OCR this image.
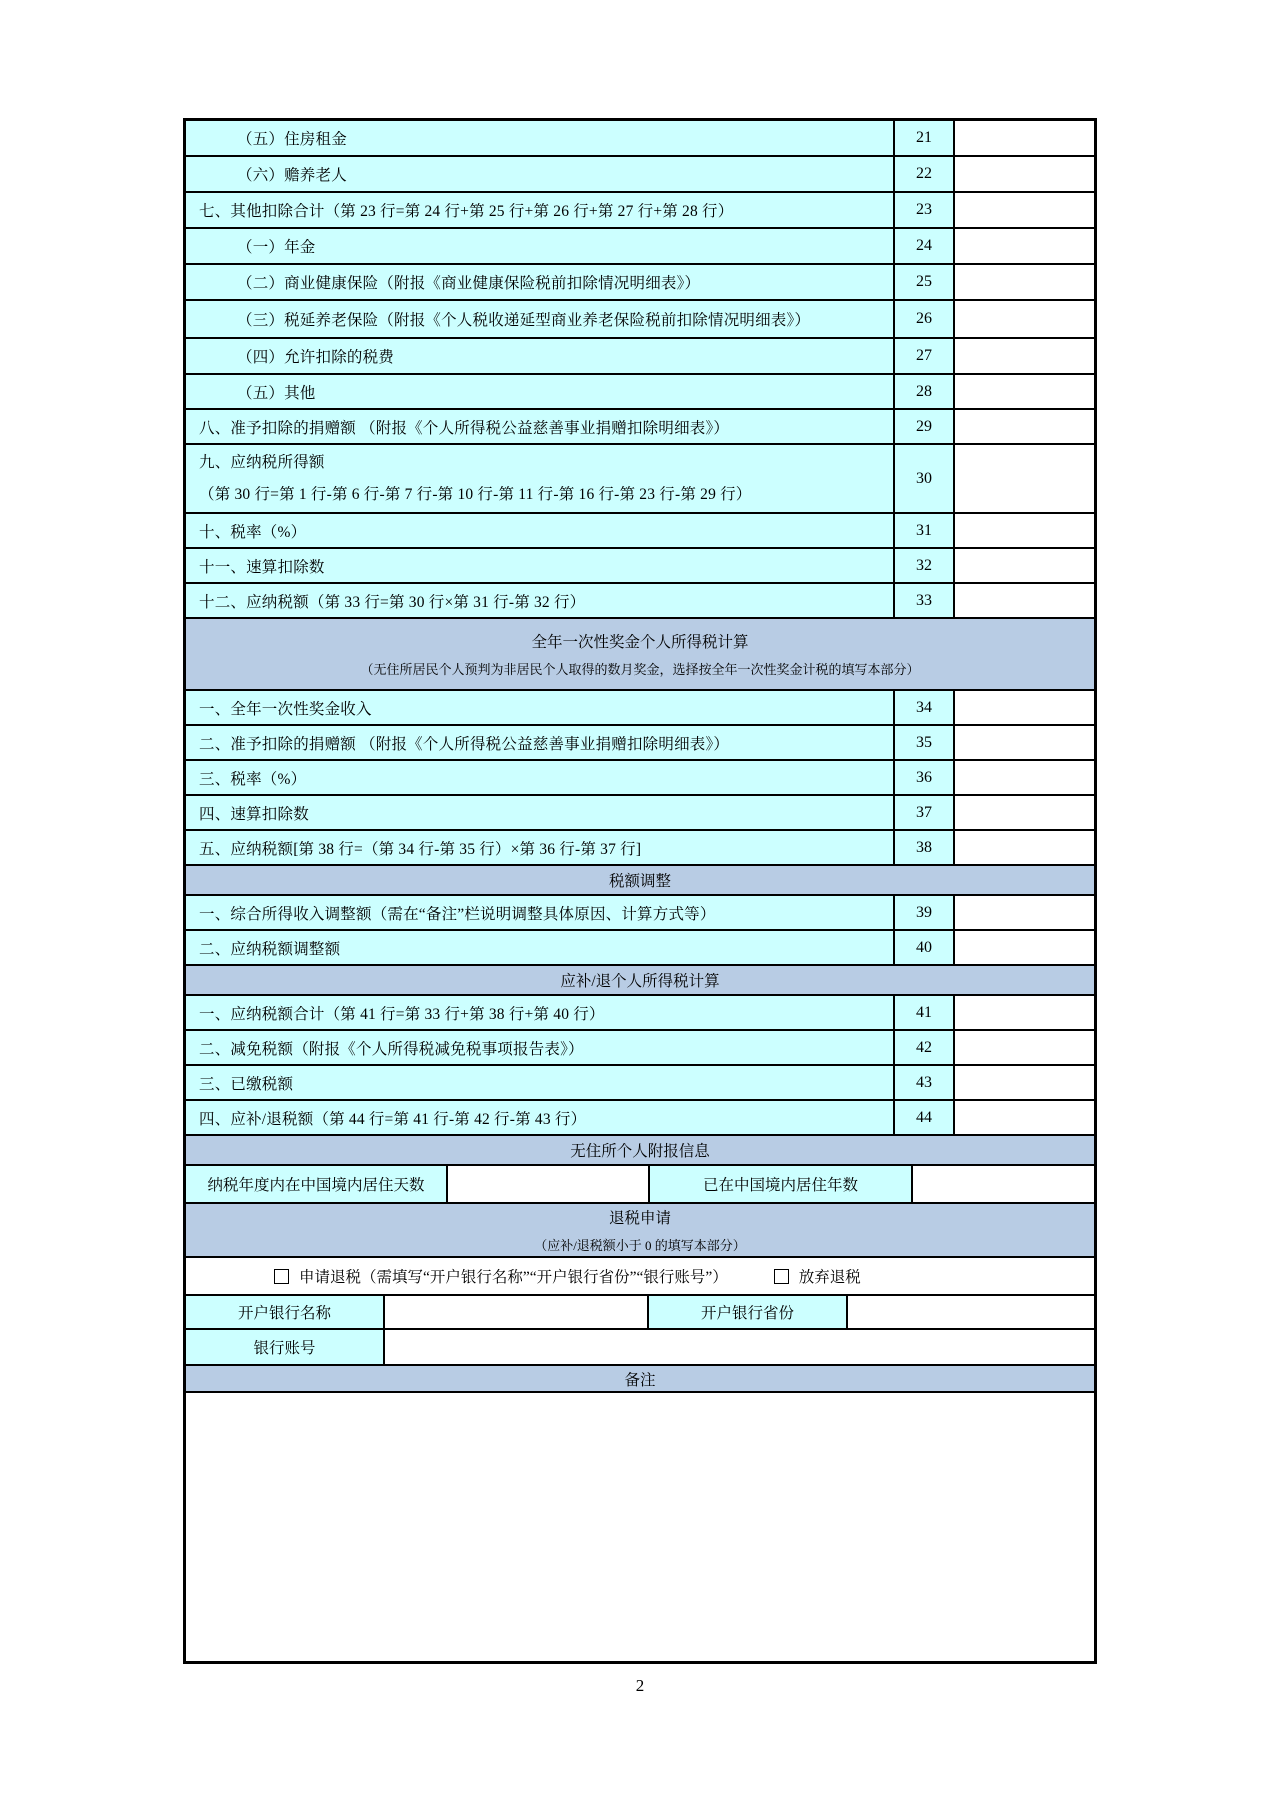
（五）住房租金	21
（六）赡养老人	22
七、其他扣除合计（第 23 行=第 24 行+第 25 行+第 26 行+第 27 行+第 28 行）	23
（一）年金	24
（二）商业健康保险（附报《商业健康保险税前扣除情况明细表》）	25
（三）税延养老保险（附报《个人税收递延型商业养老保险税前扣除情况明细表》）	26
（四）允许扣除的税费	27
（五）其他	28
八、准予扣除的捐赠额 （附报《个人所得税公益慈善事业捐赠扣除明细表》）	29
九、应纳税所得额
（第 30 行=第 1 行-第 6 行-第 7 行-第 10 行-第 11 行-第 16 行-第 23 行-第 29 行）
30
十、税率（%）	31
十一、速算扣除数	32
十二、应纳税额（第 33 行=第 30 行×第 31 行-第 32 行）	33
全年一次性奖金个人所得税计算
（无住所居民个人预判为非居民个人取得的数月奖金，选择按全年一次性奖金计税的填写本部分）
一、全年一次性奖金收入	34
二、准予扣除的捐赠额 （附报《个人所得税公益慈善事业捐赠扣除明细表》）	35
三、税率（%）	36
四、速算扣除数	37
五、应纳税额[第 38 行=（第 34 行-第 35 行）×第 36 行-第 37 行]	38
税额调整
一、综合所得收入调整额（需在“备注”栏说明调整具体原因、计算方式等）	39
二、应纳税额调整额	40
应补/退个人所得税计算
一、应纳税额合计（第 41 行=第 33 行+第 38 行+第 40 行）	41
二、减免税额（附报《个人所得税减免税事项报告表》）	42
三、已缴税额	43
四、应补/退税额（第 44 行=第 41 行-第 42 行-第 43 行）	44
无住所个人附报信息
纳税年度内在中国境内居住天数	已在中国境内居住年数
退税申请
（应补/退税额小于 0 的填写本部分）
申请退税（需填写“开户银行名称”“开户银行省份”“银行账号”）	放弃退税
开户银行名称	开户银行省份
银行账号
备注
2
